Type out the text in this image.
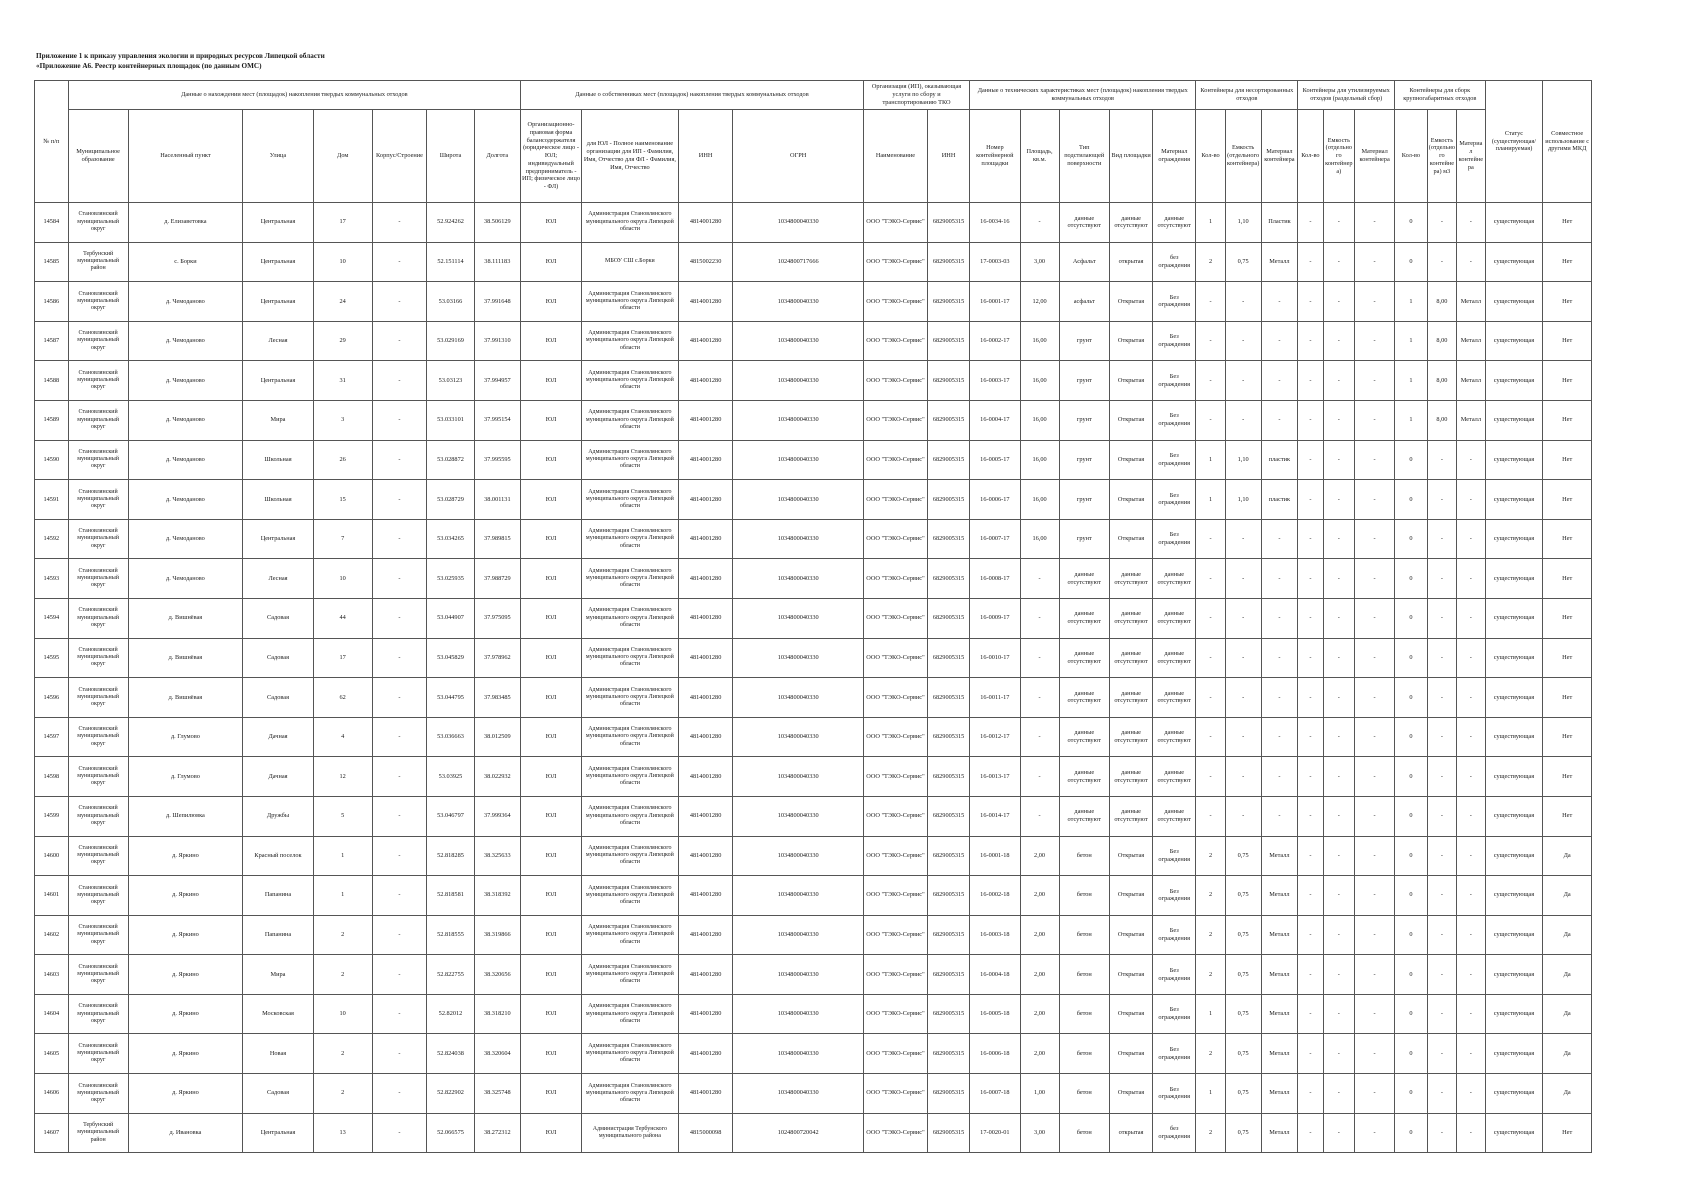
Приложение 1 к приказу управления экологии и природных ресурсов Липецкой области
«Приложение А6. Реестр контейнерных площадок (по данным ОМС)
№ п/п	Данные о нахождении мест (площадок) накопления твердых коммунальных отходов							Данные о собственниках мест (площадок) накопления твердых коммунальных отходов				Организация (ИП), оказывающая услуги по сбору и транспортированию ТКО		Данные о технических характеристиках мест (площадок) накопления твердых коммунальных отходов					Контейнеры для несортированных отходов			Контейнеры для утилизируемых отходов (раздельный сбор)			Контейнеры для сборк крупногабаритных отходов			Статус (существующая/планируемая)	Совместное использование с другими МКД
	Муниципальное образование	Населенный пункт	Улица	Дом	Корпус/Строение	Широта	Долгота	Организационно-правовая форма балансодержателя (юридическое лицо - ЮЛ; индивидуальный предприниматель - ИП; физическое лицо - ФЛ)	для ЮЛ - Полное наименование организации для ИП - Фамилия, Имя, Отчество для ФЛ - Фамилия, Имя, Отчество	ИНН	ОГРН	Наименование	ИНН	Номер контейнерной площадки	Площадь, кв.м.	Тип подстилающей поверхности	Вид площадки	Материал ограждения	Кол-во	Емкость (отдельного контейнера)	Материал контейнера	Кол-во	Емкость (отдельного контейнера)	Материал контейнера	Кол-во	Емкость (отдельного контейнера) м3	Материал контейнера		
14584	Становлянский муниципальный округ	д. Елизаветовка	Центральная	17	-	52.924262	38.506129	ЮЛ	Администрация Становлянского муниципального округа Липецкой области	4814001280	1034800040330	ООО "ТЭКО-Сервис"	6829005315	16-0034-16	-	данные отсутствуют	данные отсутствуют	данные отсутствуют	1	1,10	Пластик	-	-	-	0	-	-	существующая	Нет
14585	Тербунский муниципальный район	с. Борки	Центральная	10	-	52.151114	38.111183	ЮЛ	МБОУ СШ с.Борки	4815002230	1024800717666	ООО "ТЭКО-Сервис"	6829005315	17-0003-03	3,00	Асфальт	открытая	без ограждения	2	0,75	Металл	-	-	-	0	-	-	существующая	Нет
14586	Становлянский муниципальный округ	д. Чемоданово	Центральная	24	-	53.03166	37.991648	ЮЛ	Администрация Становлянского муниципального округа Липецкой области	4814001280	1034800040330	ООО "ТЭКО-Сервис"	6829005315	16-0001-17	12,00	асфальт	Открытая	Без ограждения	-	-	-	-	-	-	1	8,00	Металл	существующая	Нет
14587	Становлянский муниципальный округ	д. Чемоданово	Лесная	29	-	53.029169	37.991310	ЮЛ	Администрация Становлянского муниципального округа Липецкой области	4814001280	1034800040330	ООО "ТЭКО-Сервис"	6829005315	16-0002-17	16,00	грунт	Открытая	Без ограждения	-	-	-	-	-	-	1	8,00	Металл	существующая	Нет
14588	Становлянский муниципальный округ	д. Чемоданово	Центральная	31	-	53.03123	37.994957	ЮЛ	Администрация Становлянского муниципального округа Липецкой области	4814001280	1034800040330	ООО "ТЭКО-Сервис"	6829005315	16-0003-17	16,00	грунт	Открытая	Без ограждения	-	-	-	-	-	-	1	8,00	Металл	существующая	Нет
14589	Становлянский муниципальный округ	д. Чемоданово	Мира	3	-	53.033101	37.995154	ЮЛ	Администрация Становлянского муниципального округа Липецкой области	4814001280	1034800040330	ООО "ТЭКО-Сервис"	6829005315	16-0004-17	16,00	грунт	Открытая	Без ограждения	-	-	-	-	-	-	1	8,00	Металл	существующая	Нет
14590	Становлянский муниципальный округ	д. Чемоданово	Школьная	26	-	53.028872	37.995595	ЮЛ	Администрация Становлянского муниципального округа Липецкой области	4814001280	1034800040330	ООО "ТЭКО-Сервис"	6829005315	16-0005-17	16,00	грунт	Открытая	Без ограждения	1	1,10	пластик	-	-	-	0	-	-	существующая	Нет
14591	Становлянский муниципальный округ	д. Чемоданово	Школьная	15	-	53.028729	38.001131	ЮЛ	Администрация Становлянского муниципального округа Липецкой области	4814001280	1034800040330	ООО "ТЭКО-Сервис"	6829005315	16-0006-17	16,00	грунт	Открытая	Без ограждения	1	1,10	пластик	-	-	-	0	-	-	существующая	Нет
14592	Становлянский муниципальный округ	д. Чемоданово	Центральная	7	-	53.034265	37.989815	ЮЛ	Администрация Становлянского муниципального округа Липецкой области	4814001280	1034800040330	ООО "ТЭКО-Сервис"	6829005315	16-0007-17	16,00	грунт	Открытая	Без ограждения	-	-	-	-	-	-	0	-	-	существующая	Нет
14593	Становлянский муниципальный округ	д. Чемоданово	Лесная	10	-	53.025935	37.988729	ЮЛ	Администрация Становлянского муниципального округа Липецкой области	4814001280	1034800040330	ООО "ТЭКО-Сервис"	6829005315	16-0008-17	-	данные отсутствуют	данные отсутствуют	данные отсутствуют	-	-	-	-	-	-	0	-	-	существующая	Нет
14594	Становлянский муниципальный округ	д. Вишнёвая	Садовая	44	-	53.044907	37.975095	ЮЛ	Администрация Становлянского муниципального округа Липецкой области	4814001280	1034800040330	ООО "ТЭКО-Сервис"	6829005315	16-0009-17	-	данные отсутствуют	данные отсутствуют	данные отсутствуют	-	-	-	-	-	-	0	-	-	существующая	Нет
14595	Становлянский муниципальный округ	д. Вишнёвая	Садовая	17	-	53.045829	37.978962	ЮЛ	Администрация Становлянского муниципального округа Липецкой области	4814001280	1034800040330	ООО "ТЭКО-Сервис"	6829005315	16-0010-17	-	данные отсутствуют	данные отсутствуют	данные отсутствуют	-	-	-	-	-	-	0	-	-	существующая	Нет
14596	Становлянский муниципальный округ	д. Вишнёвая	Садовая	62	-	53.044795	37.983485	ЮЛ	Администрация Становлянского муниципального округа Липецкой области	4814001280	1034800040330	ООО "ТЭКО-Сервис"	6829005315	16-0011-17	-	данные отсутствуют	данные отсутствуют	данные отсутствуют	-	-	-	-	-	-	0	-	-	существующая	Нет
14597	Становлянский муниципальный округ	д. Глумово	Дачная	4	-	53.036663	38.012509	ЮЛ	Администрация Становлянского муниципального округа Липецкой области	4814001280	1034800040330	ООО "ТЭКО-Сервис"	6829005315	16-0012-17	-	данные отсутствуют	данные отсутствуют	данные отсутствуют	-	-	-	-	-	-	0	-	-	существующая	Нет
14598	Становлянский муниципальный округ	д. Глумово	Дачная	12	-	53.03925	38.022932	ЮЛ	Администрация Становлянского муниципального округа Липецкой области	4814001280	1034800040330	ООО "ТЭКО-Сервис"	6829005315	16-0013-17	-	данные отсутствуют	данные отсутствуют	данные отсутствуют	-	-	-	-	-	-	0	-	-	существующая	Нет
14599	Становлянский муниципальный округ	д. Шепилювка	Дружбы	5	-	53.046797	37.999364	ЮЛ	Администрация Становлянского муниципального округа Липецкой области	4814001280	1034800040330	ООО "ТЭКО-Сервис"	6829005315	16-0014-17	-	данные отсутствуют	данные отсутствуют	данные отсутствуют	-	-	-	-	-	-	0	-	-	существующая	Нет
14600	Становлянский муниципальный округ	д. Яркино	Красный поселок	1	-	52.818285	38.325633	ЮЛ	Администрация Становлянского муниципального округа Липецкой области	4814001280	1034800040330	ООО "ТЭКО-Сервис"	6829005315	16-0001-18	2,00	бетон	Открытая	Без ограждения	2	0,75	Металл	-	-	-	0	-	-	существующая	Да
14601	Становлянский муниципальный округ	д. Яркино	Папанина	1	-	52.818581	38.318392	ЮЛ	Администрация Становлянского муниципального округа Липецкой области	4814001280	1034800040330	ООО "ТЭКО-Сервис"	6829005315	16-0002-18	2,00	бетон	Открытая	Без ограждения	2	0,75	Металл	-	-	-	0	-	-	существующая	Да
14602	Становлянский муниципальный округ	д. Яркино	Папанина	2	-	52.818555	38.319866	ЮЛ	Администрация Становлянского муниципального округа Липецкой области	4814001280	1034800040330	ООО "ТЭКО-Сервис"	6829005315	16-0003-18	2,00	бетон	Открытая	Без ограждения	2	0,75	Металл	-	-	-	0	-	-	существующая	Да
14603	Становлянский муниципальный округ	д. Яркино	Мира	2	-	52.822755	38.320656	ЮЛ	Администрация Становлянского муниципального округа Липецкой области	4814001280	1034800040330	ООО "ТЭКО-Сервис"	6829005315	16-0004-18	2,00	бетон	Открытая	Без ограждения	2	0,75	Металл	-	-	-	0	-	-	существующая	Да
14604	Становлянский муниципальный округ	д. Яркино	Московская	10	-	52.82012	38.318210	ЮЛ	Администрация Становлянского муниципального округа Липецкой области	4814001280	1034800040330	ООО "ТЭКО-Сервис"	6829005315	16-0005-18	2,00	бетон	Открытая	Без ограждения	1	0,75	Металл	-	-	-	0	-	-	существующая	Да
14605	Становлянский муниципальный округ	д. Яркино	Новая	2	-	52.824038	38.320604	ЮЛ	Администрация Становлянского муниципального округа Липецкой области	4814001280	1034800040330	ООО "ТЭКО-Сервис"	6829005315	16-0006-18	2,00	бетон	Открытая	Без ограждения	2	0,75	Металл	-	-	-	0	-	-	существующая	Да
14606	Становлянский муниципальный округ	д. Яркино	Садовая	2	-	52.822902	38.325748	ЮЛ	Администрация Становлянского муниципального округа Липецкой области	4814001280	1034800040330	ООО "ТЭКО-Сервис"	6829005315	16-0007-18	1,00	бетон	Открытая	Без ограждения	1	0,75	Металл	-	-	-	0	-	-	существующая	Да
14607	Тербунский муниципальный район	д. Ивановка	Центральная	13	-	52.066575	38.272312	ЮЛ	Администрация Тербунского муниципального района	4815000098	1024800720042	ООО "ТЭКО-Сервис"	6829005315	17-0020-01	3,00	бетон	открытая	без ограждения	2	0,75	Металл	-	-	-	0	-	-	существующая	Нет
